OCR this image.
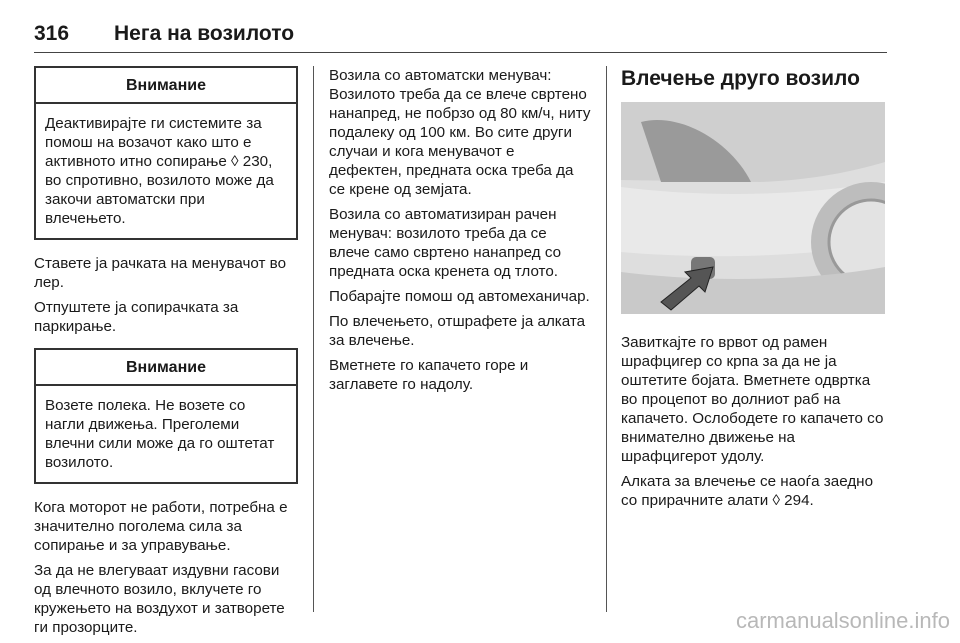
316 Нега на возилото
Внимание
Деактивирајте ги системите за помош на возачот како што е активното итно сопирање ◊ 230, во спротивно, возилото може да закочи автоматски при влечењето.

Ставете ја рачката на менувачот во лер.

Отпуштете ја сопирачката за паркирање.

Внимание
Возете полека. Не возете со нагли движења. Преголеми влечни сили може да го оштетат возилото.

Кога моторот не работи, потребна е значително поголема сила за сопирање и за управување.

За да не влегуваат издувни гасови од влечното возило, вклучете го кружењето на воздухот и затворете ги прозорците.

Возила со автоматски менувач: Возилото треба да се влече свртено нанапред, не побрзо од 80 км/ч, ниту подалеку од 100 км. Во сите други случаи и кога менувачот е дефектен, предната оска треба да се крене од земјата.

Возила со автоматизиран рачен менувач: возилото треба да се влече само свртено нанапред со предната оска кренета од тлото.

Побарајте помош од автомеханичар.

По влечењето, отшрафете ја алката за влечење.

Вметнете го капачето горе и заглавете го надолу.

Влечење друго возило

Завиткајте го врвот од рамен шрафцигер со крпа за да не ја оштетите бојата. Вметнете одвртка во процепот во долниот раб на капачето. Ослободете го капачето со внимателно движење на шрафцигерот удолу.

Алката за влечење се наоѓа заедно со прирачните алати ◊ 294.

carmanualsonline.info
